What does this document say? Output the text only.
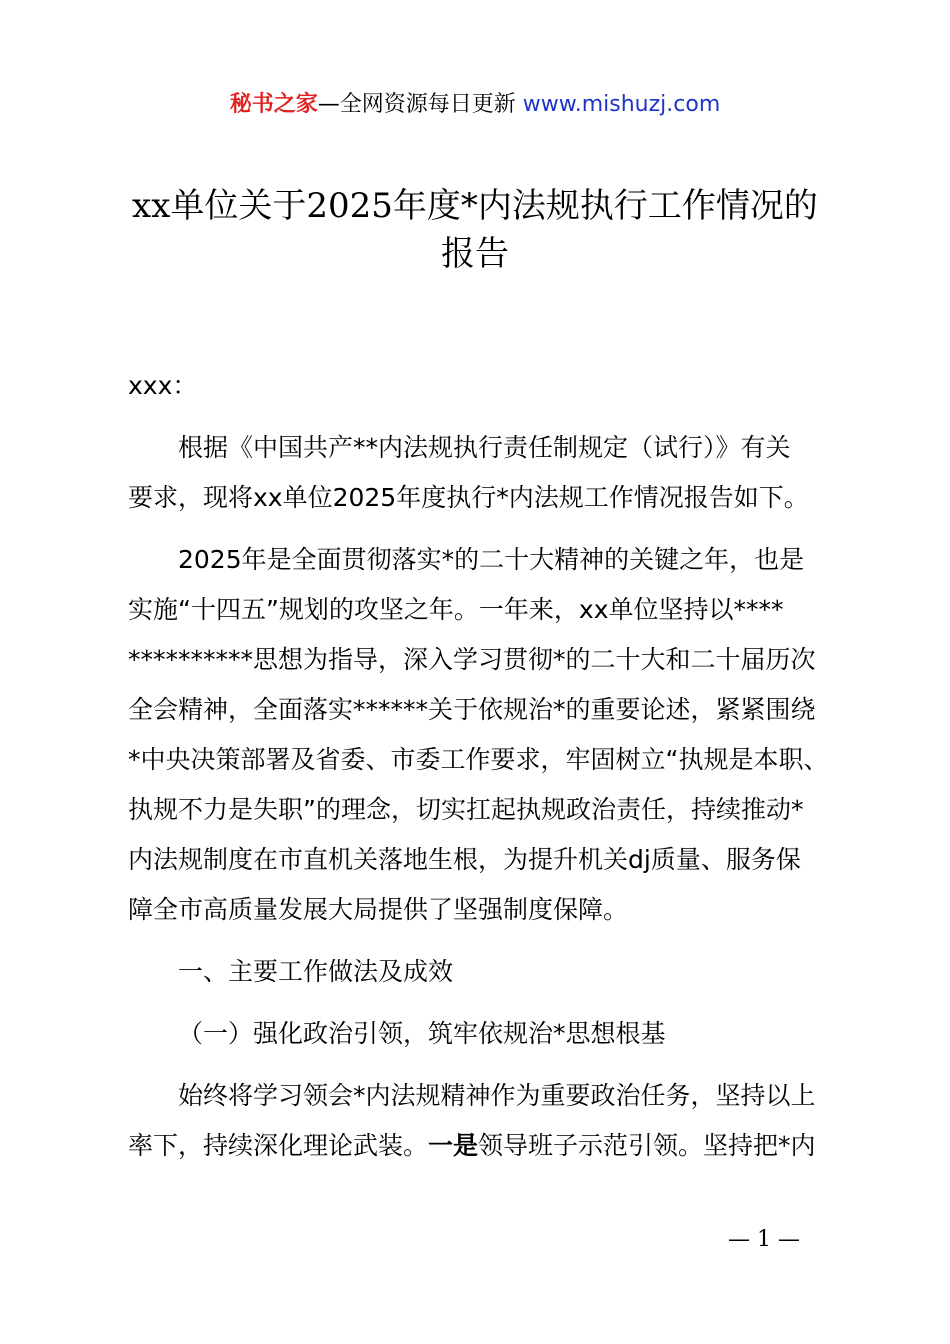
秘书之家—全网资源每日更新 www.mishuzj.com
xx单位关于2025年度*内法规执行工作情况的
报告

xxx：

根据《中国共产**内法规执行责任制规定（试行）》有关
要求，现将xx单位2025年度执行*内法规工作情况报告如下。

2025年是全面贯彻落实*的二十大精神的关键之年，也是
实施“十四五”规划的攻坚之年。一年来，xx单位坚持以****
**********思想为指导，深入学习贯彻*的二十大和二十届历次
全会精神，全面落实******关于依规治*的重要论述，紧紧围绕
*中央决策部署及省委、市委工作要求，牢固树立“执规是本职、
执规不力是失职”的理念，切实扛起执规政治责任，持续推动*
内法规制度在市直机关落地生根，为提升机关dj质量、服务保
障全市高质量发展大局提供了坚强制度保障。

一、主要工作做法及成效

（一）强化政治引领，筑牢依规治*思想根基

始终将学习领会*内法规精神作为重要政治任务，坚持以上
率下，持续深化理论武装。一是领导班子示范引领。坚持把*内

— 1 —
